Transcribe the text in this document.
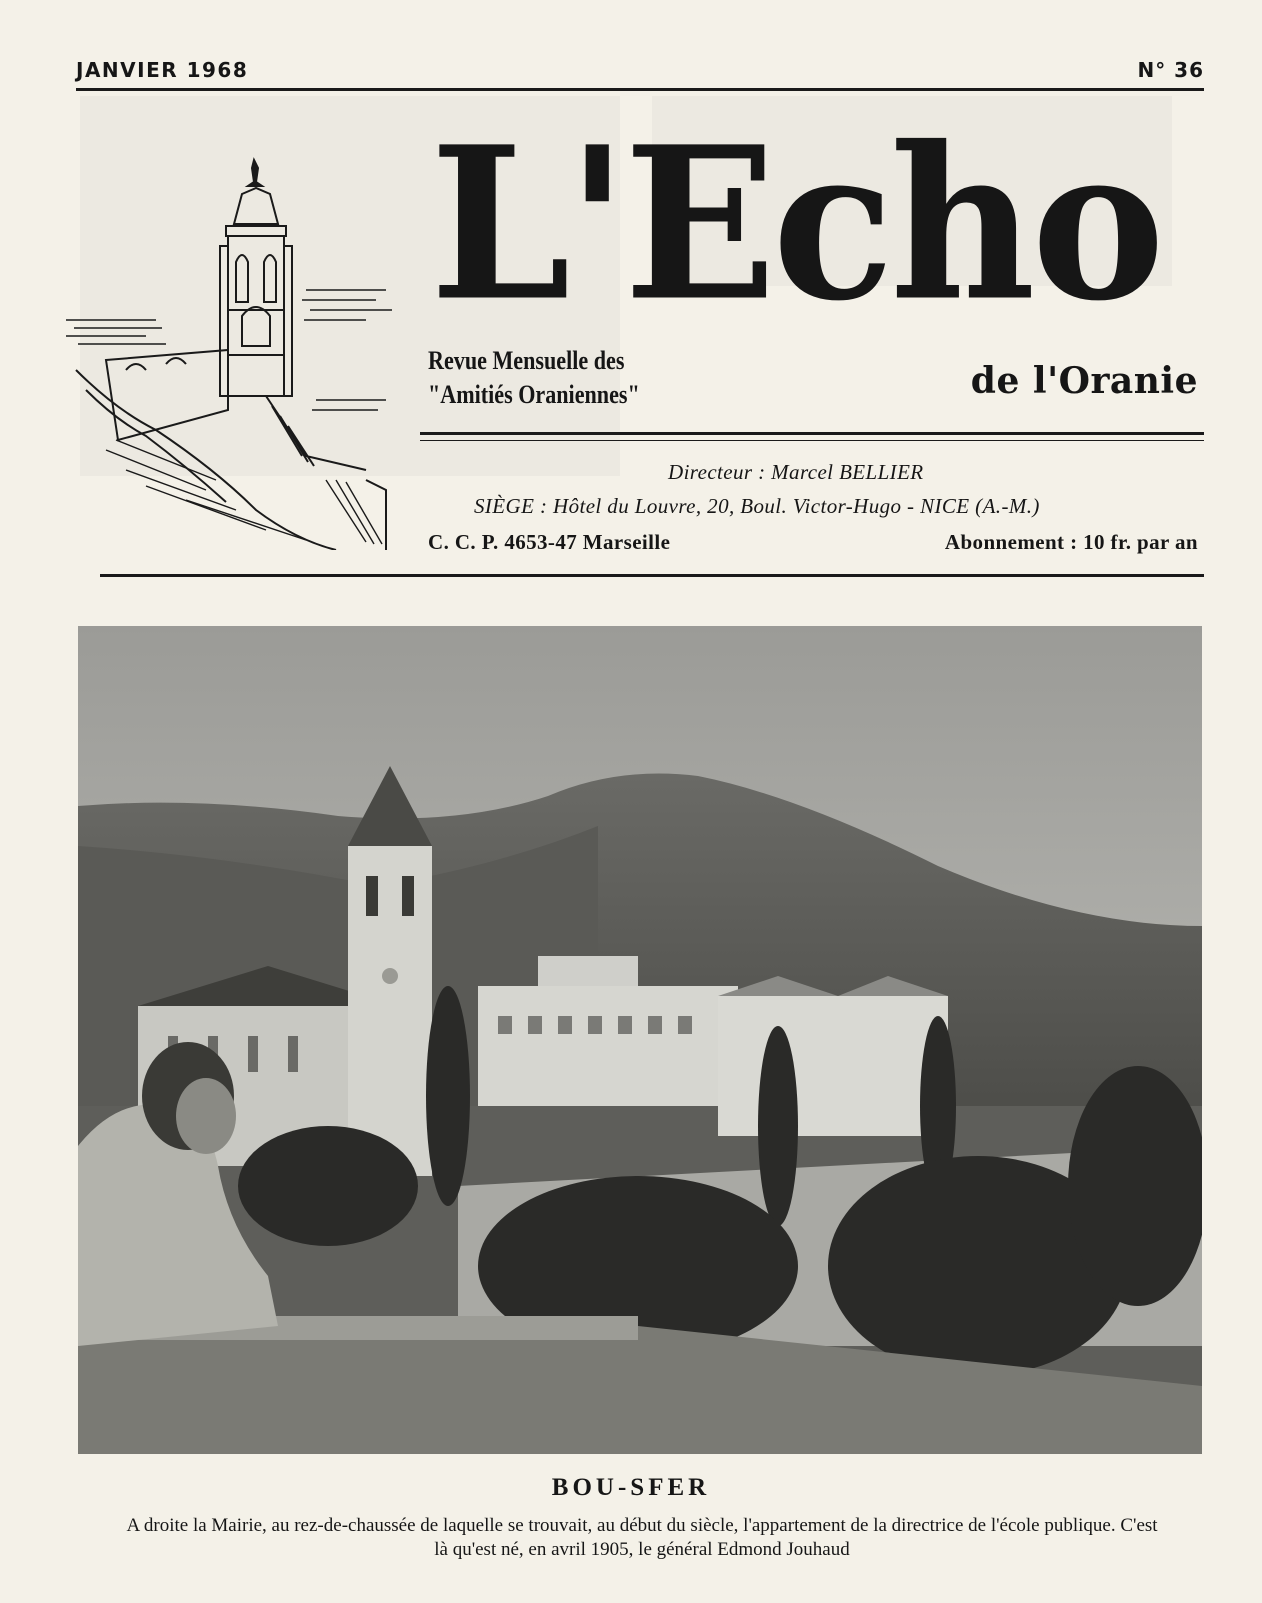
JANVIER 1968	N° 36
L'Echo
Revue Mensuelle des
"Amitiés Oraniennes"	de l'Oranie
Directeur : Marcel BELLIER
SIÈGE : Hôtel du Louvre, 20, Boul. Victor-Hugo - NICE (A.-M.)
C. C. P. 4653-47 Marseille	Abonnement : 10 fr. par an
BOU-SFER
A droite la Mairie, au rez-de-chaussée de laquelle se trouvait, au début du siècle, l'appartement de la directrice de l'école publique. C'est là qu'est né, en avril 1905, le général Edmond Jouhaud
